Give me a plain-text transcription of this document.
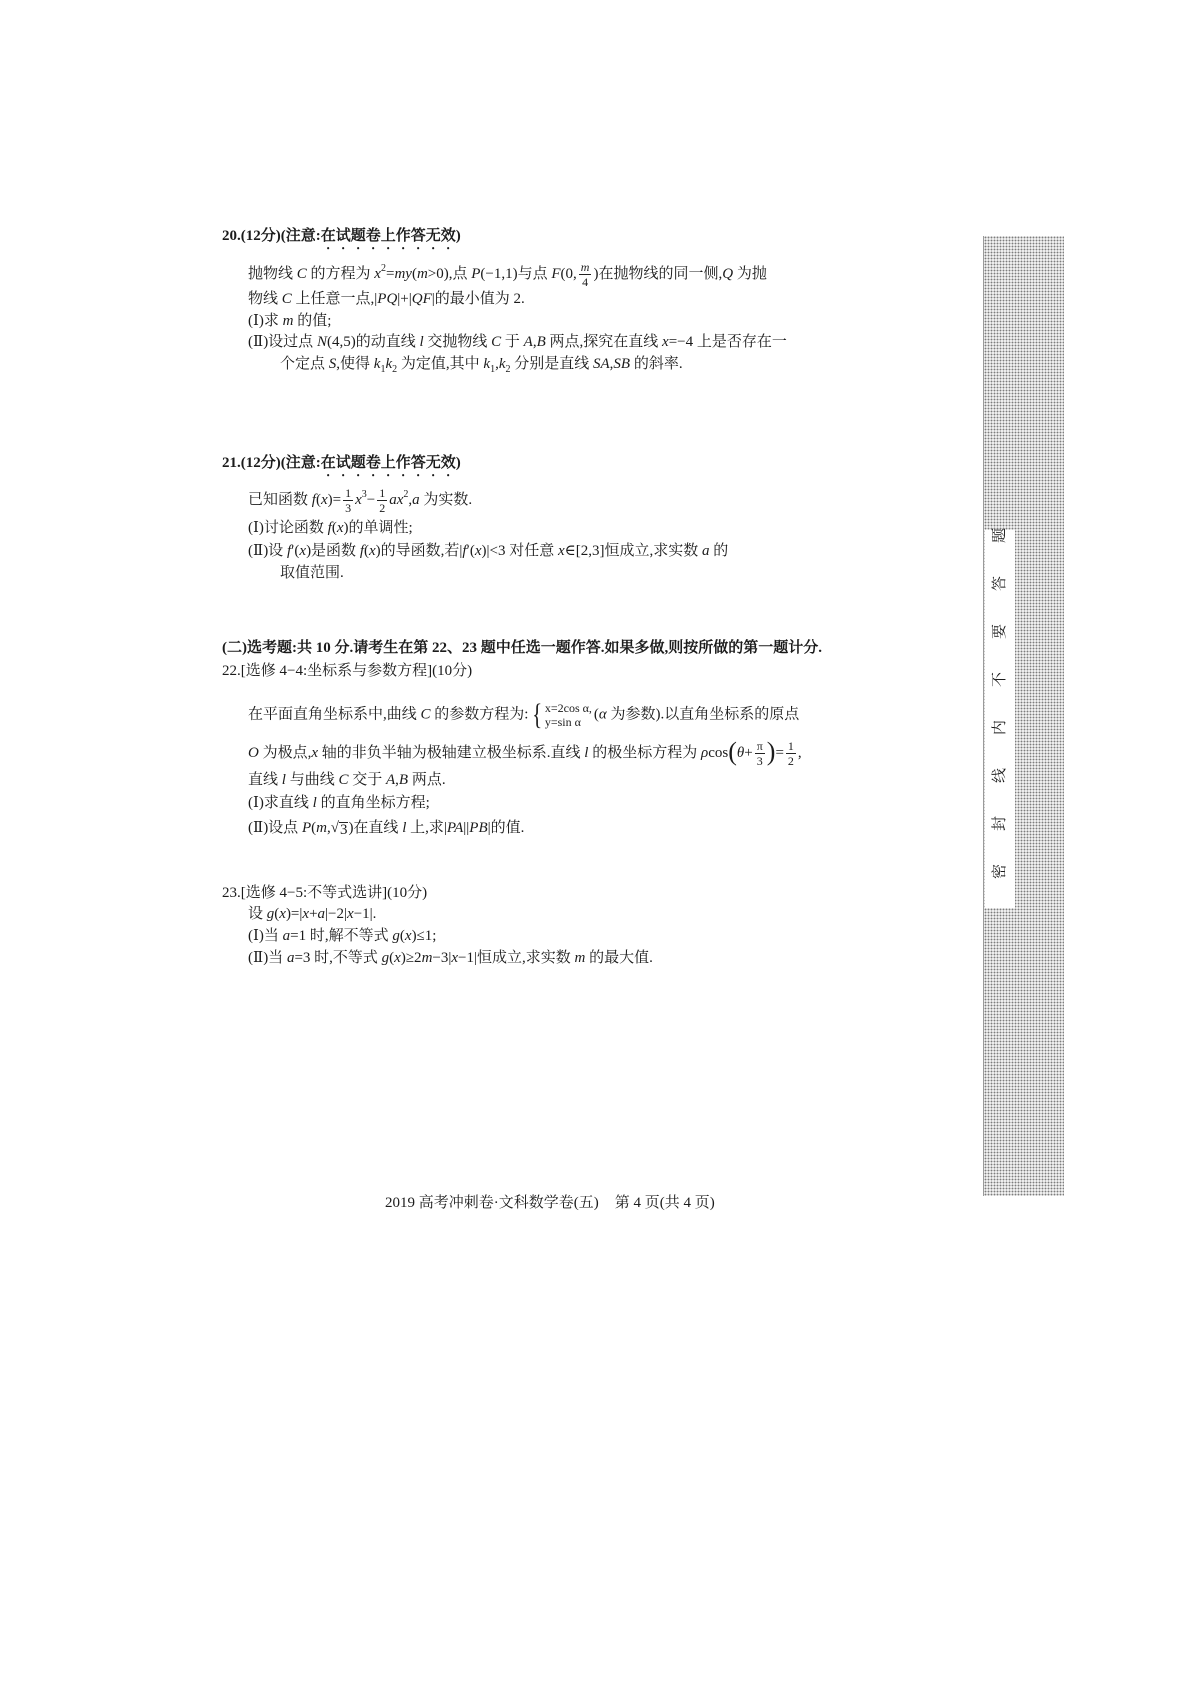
20.(12分)(注意:在试题卷上作答无效)
抛物线 C 的方程为 $x^2=my(m>0)$,点 P(−1,1)与点 F(0, $\frac{m}{4}$ )在抛物线的同一侧,Q 为抛
物线 C 上任意一点,|PQ|+|QF|的最小值为 2.
(Ⅰ)求 m 的值;
(Ⅱ)设过点 N(4,5)的动直线 l 交抛物线 C 于 A,B 两点,探究在直线 x=−4 上是否存在一
个定点 S,使得 $k_1k_2$ 为定值,其中 $k_1,k_2$ 分别是直线 SA,SB 的斜率.
21.(12分)(注意:在试题卷上作答无效)
已知函数 $f(x)= \frac{1}{3} x^3- \frac{1}{2} ax^2,a$ 为实数.
(Ⅰ)讨论函数 f(x)的单调性;
(Ⅱ)设 f′(x)是函数 f(x)的导函数,若|f′(x)|<3 对任意 x∈[2,3]恒成立,求实数 a 的
取值范围.
(二)选考题:共 10 分.请考生在第 22、23 题中任选一题作答.如果多做,则按所做的第一题计分.
22.[选修 4−4:坐标系与参数方程](10分)
在平面直角坐标系中,曲线 C 的参数方程为: { x=2cos α,
y=sin α (α 为参数).以直角坐标系的原点
O 为极点,x 轴的非负半轴为极轴建立极坐标系.直线 l 的极坐标方程为 $\rho\cos(\theta+ \frac{\pi}{3}$ )= $\frac{1}{2}$ ,
直线 l 与曲线 C 交于 A,B 两点.
(Ⅰ)求直线 l 的直角坐标方程;
(Ⅱ)设点 P(m, √ 3 )在直线 l 上,求|PA||PB|的值.
23.[选修 4−5:不等式选讲](10分)
设 g(x)=|x+a|−2|x−1|.
(Ⅰ)当 a=1 时,解不等式 g(x)≤1;
(Ⅱ)当 a=3 时,不等式 g(x)≥2m−3|x−1|恒成立,求实数 m 的最大值.
密封线内不要答题
2019 高考冲刺卷·文科数学卷(五) 第 4 页(共 4 页)
